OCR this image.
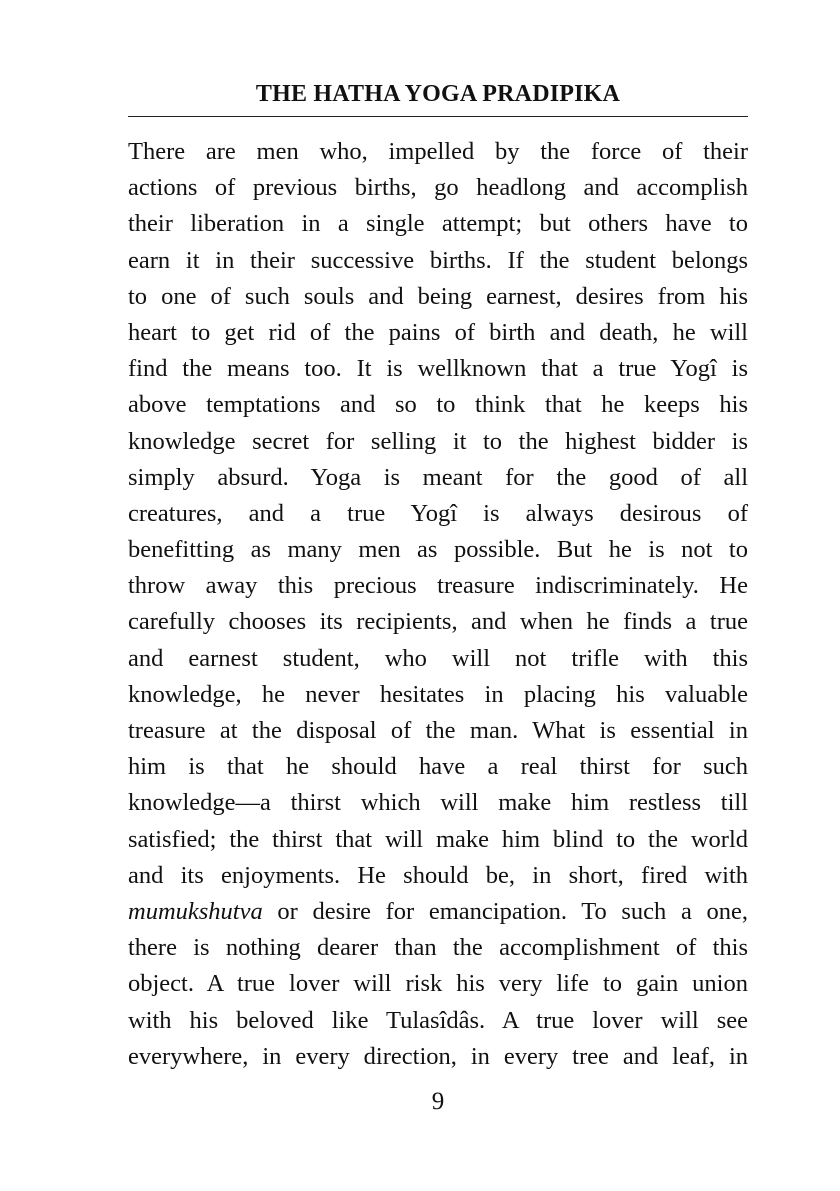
THE HATHA YOGA PRADIPIKA
There are men who, impelled by the force of their
actions of previous births, go headlong and accomplish
their liberation in a single attempt; but others have to
earn it in their successive births. If the student belongs
to one of such souls and being earnest, desires from his
heart to get rid of the pains of birth and death, he will
find the means too. It is wellknown that a true Yogî is
above temptations and so to think that he keeps his
knowledge secret for selling it to the highest bidder is
simply absurd. Yoga is meant for the good of all
creatures, and a true Yogî is always desirous of
benefitting as many men as possible. But he is not to
throw away this precious treasure indiscriminately. He
carefully chooses its recipients, and when he finds a true
and earnest student, who will not trifle with this
knowledge, he never hesitates in placing his valuable
treasure at the disposal of the man. What is essential in
him is that he should have a real thirst for such
knowledge—a thirst which will make him restless till
satisfied; the thirst that will make him blind to the world
and its enjoyments. He should be, in short, fired with
mumukshutva or desire for emancipation. To such a one,
there is nothing dearer than the accomplishment of this
object. A true lover will risk his very life to gain union
with his beloved like Tulasîdâs. A true lover will see
everywhere, in every direction, in every tree and leaf, in
9
